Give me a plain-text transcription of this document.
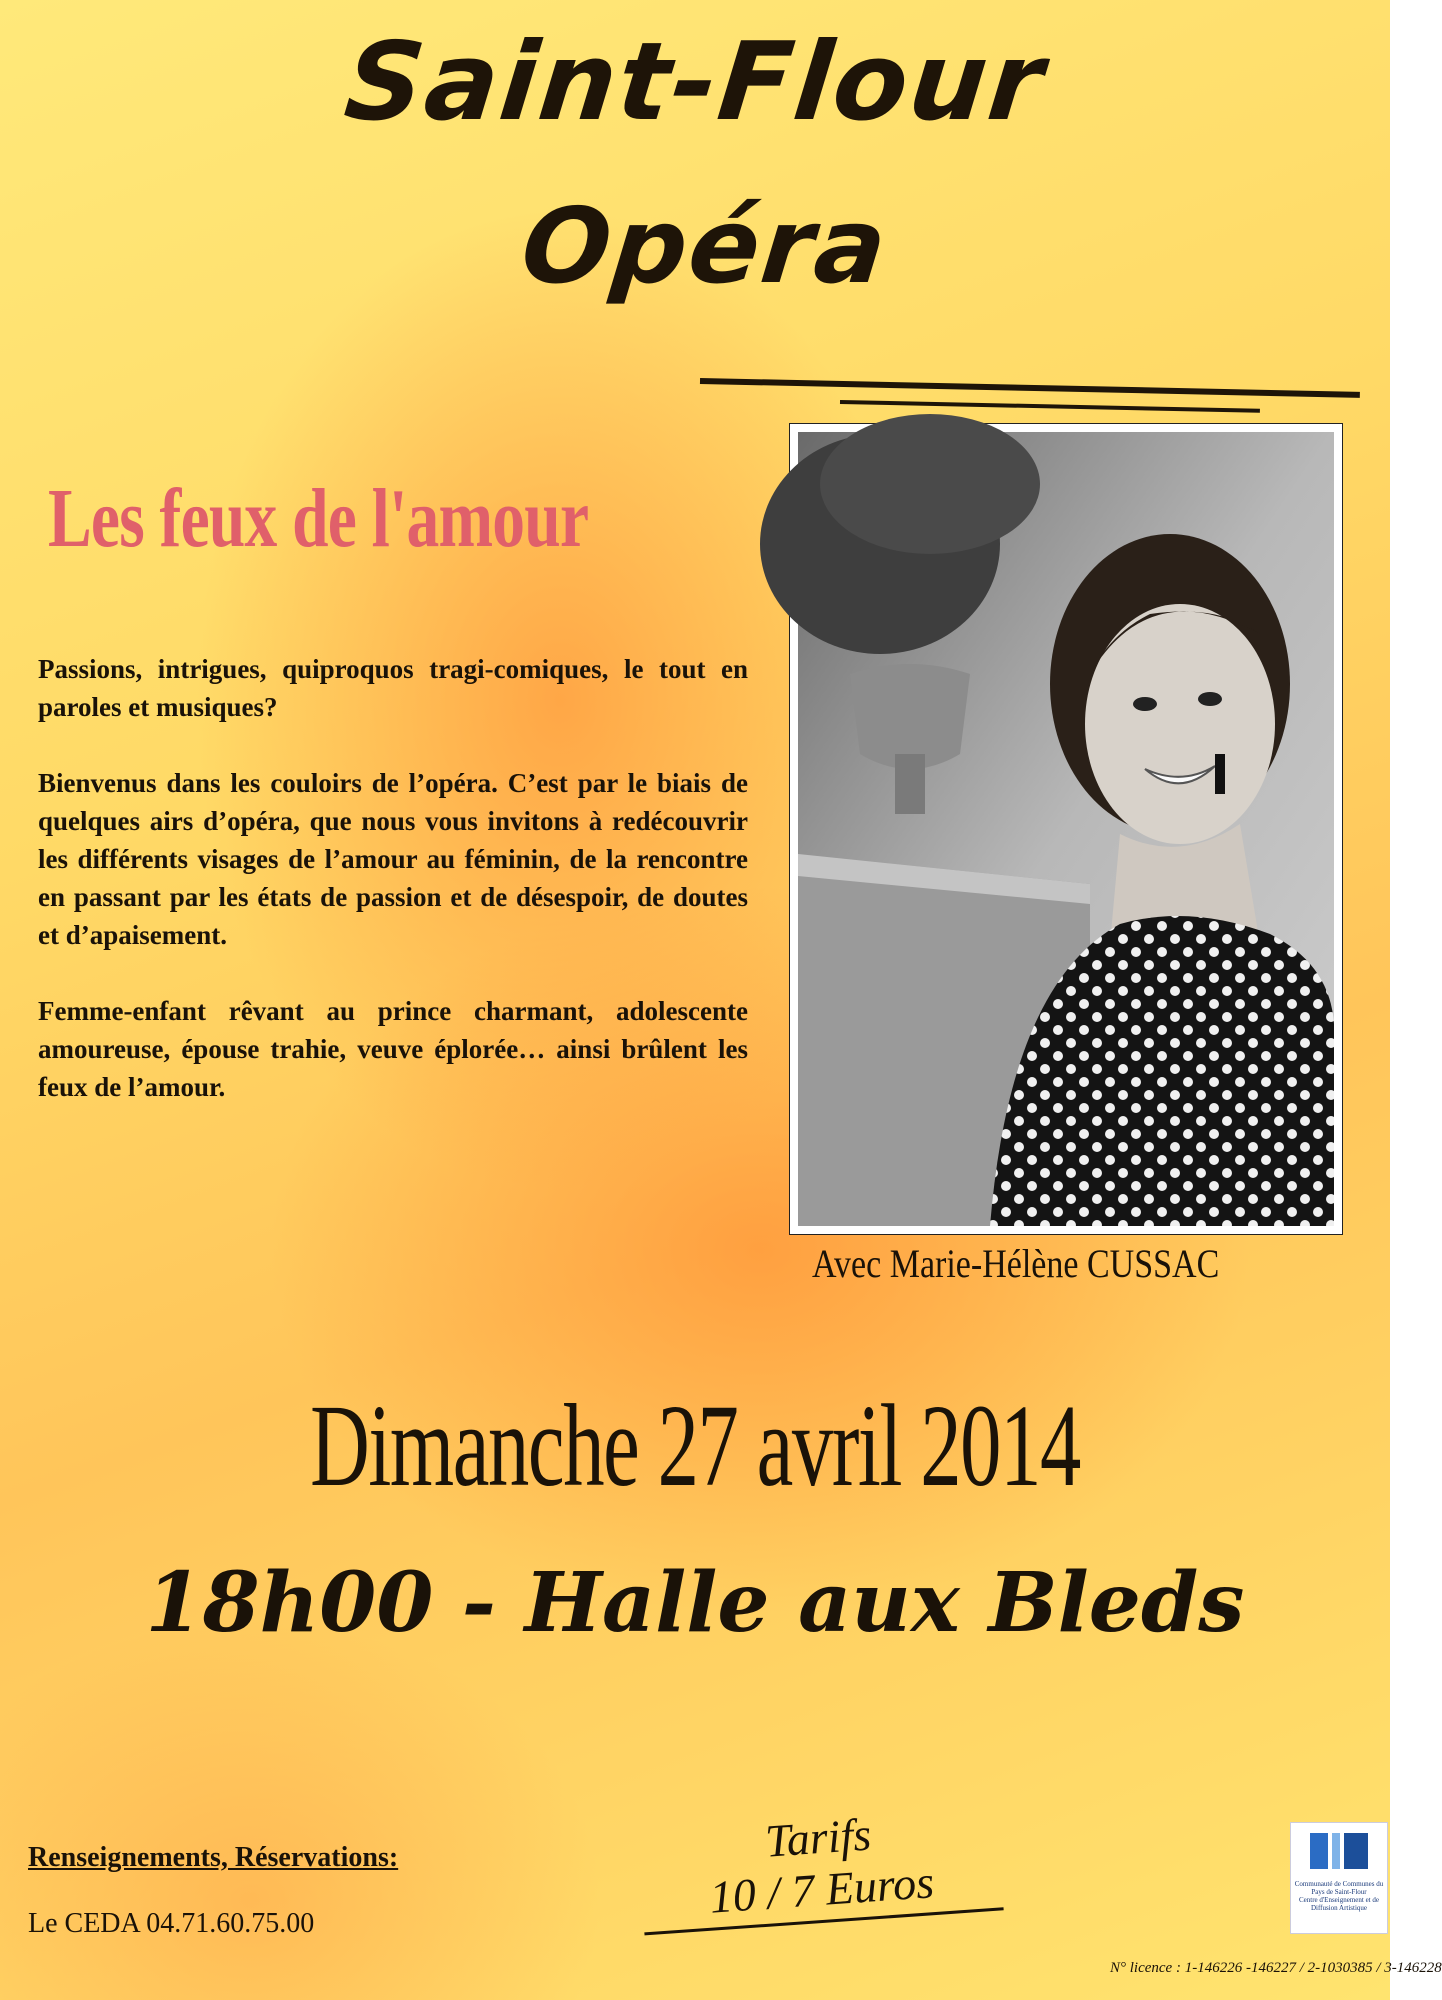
Saint-Flour
Opéra
Les feux de l'amour

Passions, intrigues, quiproquos tragi-comiques, le tout en paroles et musiques?

Bienvenus dans les couloirs de l’opéra. C’est par le biais de quelques airs d’opéra, que nous vous invitons à redécouvrir les différents visages de l’amour au féminin, de la rencontre en passant par les états de passion et de désespoir, de doutes et d’apaisement.

Femme-enfant rêvant au prince charmant, adolescente amoureuse, épouse trahie, veuve éplorée… ainsi brûlent les feux de l’amour.

Avec Marie-Hélène CUSSAC

Dimanche 27 avril 2014

18h00 - Halle aux Bleds

Renseignements, Réservations:

Le CEDA 04.71.60.75.00

Tarifs

10 / 7 Euros	Communauté de Communes du Pays de Saint-Flour

Centre d'Enseignement et de Diffusion Artistique

N° licence : 1-146226 -146227 / 2-1030385 / 3-146228
